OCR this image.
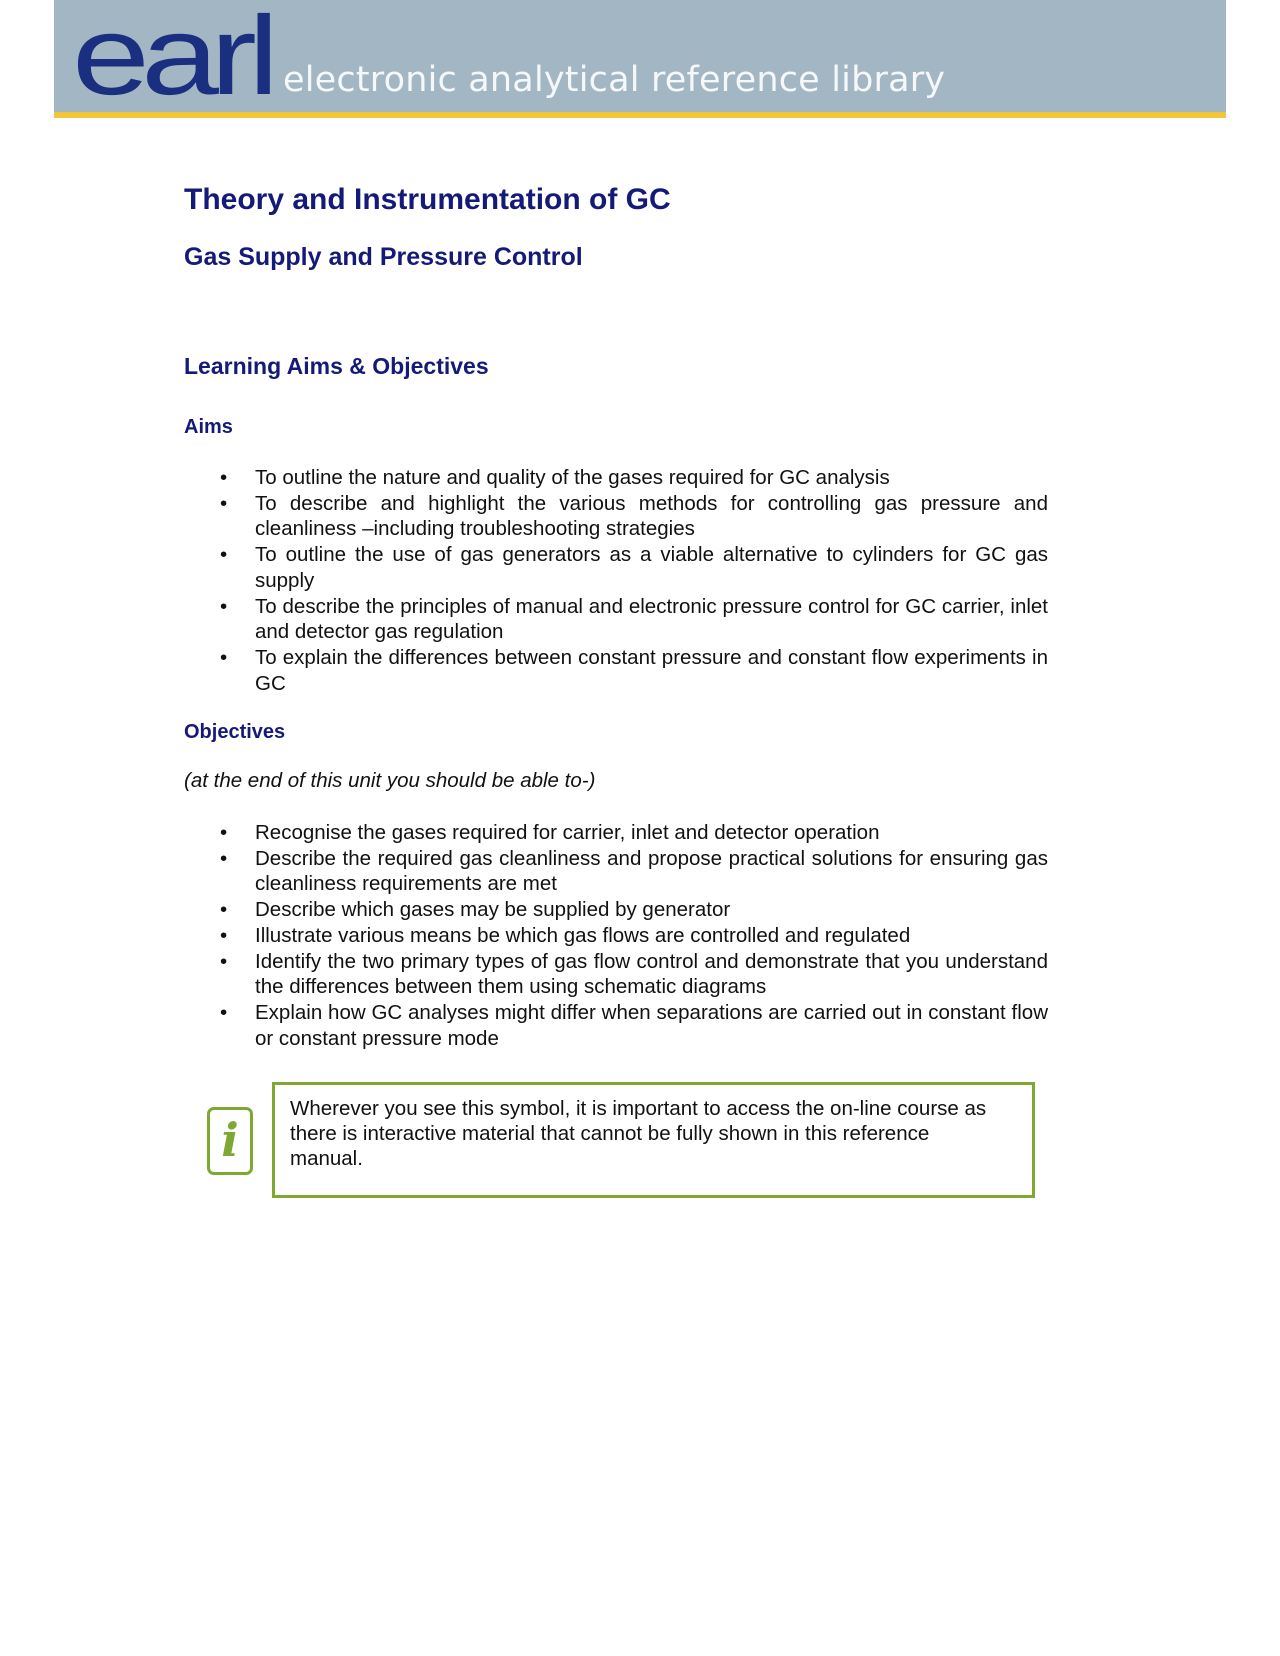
earl electronic analytical reference library
Theory and Instrumentation of GC
Gas Supply and Pressure Control
Learning Aims & Objectives
Aims
• To outline the nature and quality of the gases required for GC analysis
• To describe and highlight the various methods for controlling gas pressure and cleanliness –including troubleshooting strategies
• To outline the use of gas generators as a viable alternative to cylinders for GC gas supply
• To describe the principles of manual and electronic pressure control for GC carrier, inlet and detector gas regulation
• To explain the differences between constant pressure and constant flow experiments in GC
Objectives
(at the end of this unit you should be able to-)
• Recognise the gases required for carrier, inlet and detector operation
• Describe the required gas cleanliness and propose practical solutions for ensuring gas cleanliness requirements are met
• Describe which gases may be supplied by generator
• Illustrate various means be which gas flows are controlled and regulated
• Identify the two primary types of gas flow control and demonstrate that you understand the differences between them using schematic diagrams
• Explain how GC analyses might differ when separations are carried out in constant flow or constant pressure mode
i
Wherever you see this symbol, it is important to access the on-line course as there is interactive material that cannot be fully shown in this reference manual.
